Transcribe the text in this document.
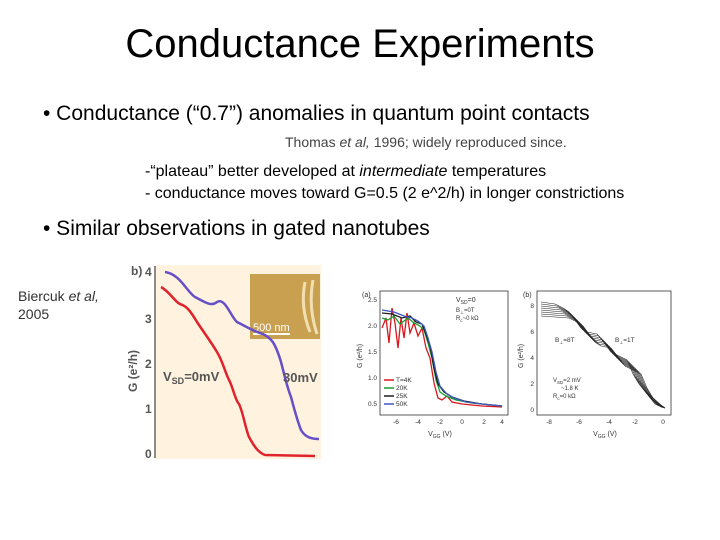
Conductance Experiments
• Conductance (“0.7”) anomalies in quantum point contacts
Thomas et al, 1996; widely reproduced since.
-“plateau” better developed at intermediate temperatures
- conductance moves toward G=0.5 (2 e^2/h) in longer constrictions
• Similar observations in gated nanotubes
Biercuk et al,
2005
b) 4
3
2
1
0
G (e²/h)
500 nm
$V_{SD}=0mV$	30mV
(a)
2.5
2.0
1.5
1.0
0.5
-6 -4 -2	0	2 4
$V_{GG}$ (V)
G (e²/h)
$V_{SD}=0$
$B_\perp=0T$
$R_c\sim 0$ kΩ
T=4K
20K
25K
50K
(b)
8
6
4
2
0
-8	-6	-4	-2	0
$V_{GG}$ (V)
G (e²/h)
$B_\perp=8T$	$B_\perp=1T$
$V_{SD}=2$ mV
~1.8 K
$R_c=0$ kΩ
